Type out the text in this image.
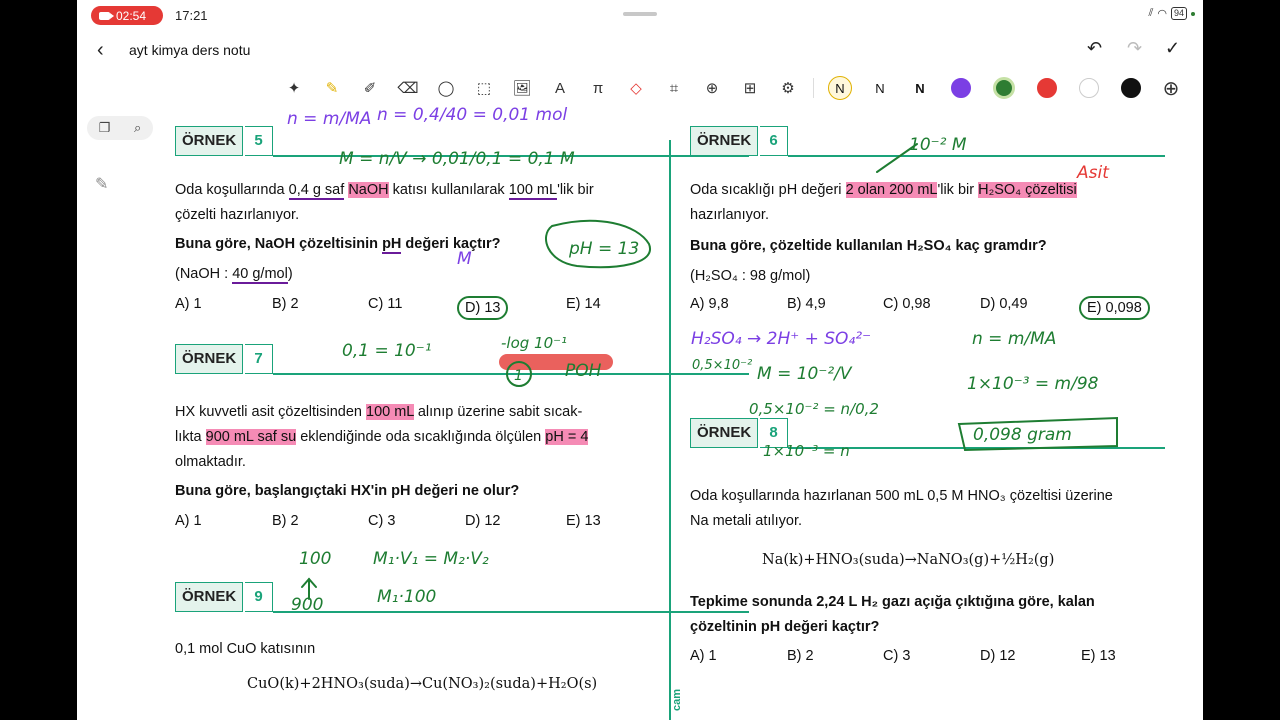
02:54 17:21	⫽ ◠ 94
‹ ayt kimya ders notu	↶ ↷ ✓
✦	✎	✐	⌫	◯	⬚	🖼	A	π	◇	⌗	⊕	⊞	⚙	N	N	N	⊕
❐ ⌕
✎
cam
ÖRNEK	5
Oda koşullarında 0,4 g saf NaOH katısı kullanılarak 100 mL'lik bir
çözelti hazırlanıyor.
Buna göre, NaOH çözeltisinin pH değeri kaçtır?
(NaOH : 40 g/mol)
A) 1	B) 2	C) 11	D) 13	E) 14
ÖRNEK	7
HX kuvvetli asit çözeltisinden 100 mL alınıp üzerine sabit sıcak-
lıkta 900 mL saf su eklendiğinde oda sıcaklığında ölçülen pH = 4
olmaktadır.
Buna göre, başlangıçtaki HX'in pH değeri ne olur?
A) 1	B) 2	C) 3	D) 12	E) 13
ÖRNEK	9
0,1 mol CuO katısının
CuO(k)+2HNO₃(suda)→Cu(NO₃)₂(suda)+H₂O(s)
ÖRNEK	6
Oda sıcaklığı pH değeri 2 olan 200 mL'lik bir H₂SO₄ çözeltisi
hazırlanıyor.
Buna göre, çözeltide kullanılan H₂SO₄ kaç gramdır?
(H₂SO₄ : 98 g/mol)
A) 9,8	B) 4,9	C) 0,98	D) 0,49	E) 0,098
ÖRNEK	8
Oda koşullarında hazırlanan 500 mL 0,5 M HNO₃ çözeltisi üzerine
Na metali atılıyor.
Na(k)+HNO₃(suda)→NaNO₃(g)+½H₂(g)
Tepkime sonunda 2,24 L H₂ gazı açığa çıktığına göre, kalan
çözeltinin pH değeri kaçtır?
A) 1	B) 2	C) 3	D) 12	E) 13
n = m/MA n = 0,4/40 = 0,01 mol
M
H₂SO₄ → 2H⁺ + SO₄²⁻
Asit
M = n/V → 0,01/0,1 = 0,1 M
pH = 13
10⁻² M
0,5×10⁻² M = 10⁻²/V
n = m/MA
1×10⁻³ = m/98
0,5×10⁻² = n/0,2
1×10⁻³ = n
0,098 gram
0,1 = 10⁻¹	-log 10⁻¹
1 POH
100 M₁·V₁ = M₂·V₂
900	M₁·100
